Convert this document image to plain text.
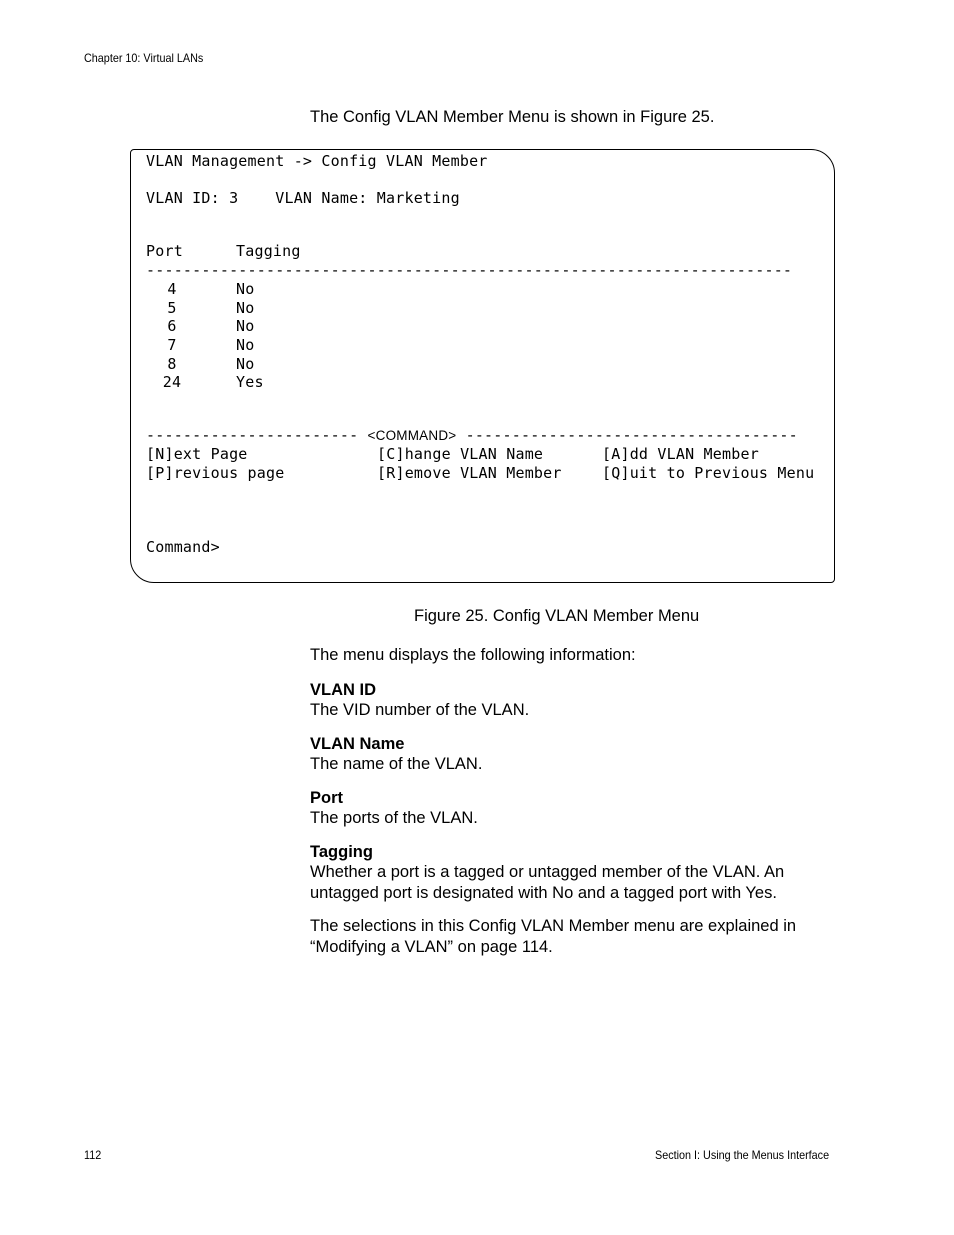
Chapter 10: Virtual LANs
The Config VLAN Member Menu is shown in Figure 25.
VLAN Management -> Config VLAN Member
VLAN ID: 3    VLAN Name: Marketing
Port	Tagging
----------------------------------------------------------------------
4	No
5	No
6	No
7	No
8	No
24	Yes
----------------------- <COMMAND> ------------------------------------
[N]ext Page	[C]hange VLAN Name	[A]dd VLAN Member
[P]revious page	[R]emove VLAN Member	[Q]uit to Previous Menu
Command>
Figure 25. Config VLAN Member Menu

The menu displays the following information:

VLAN ID
The VID number of the VLAN.
VLAN Name
The name of the VLAN.
Port
The ports of the VLAN.
Tagging
Whether a port is a tagged or untagged member of the VLAN. An untagged port is designated with No and a tagged port with Yes.

The selections in this Config VLAN Member menu are explained in “Modifying a VLAN” on page 114.

112	Section I: Using the Menus Interface
